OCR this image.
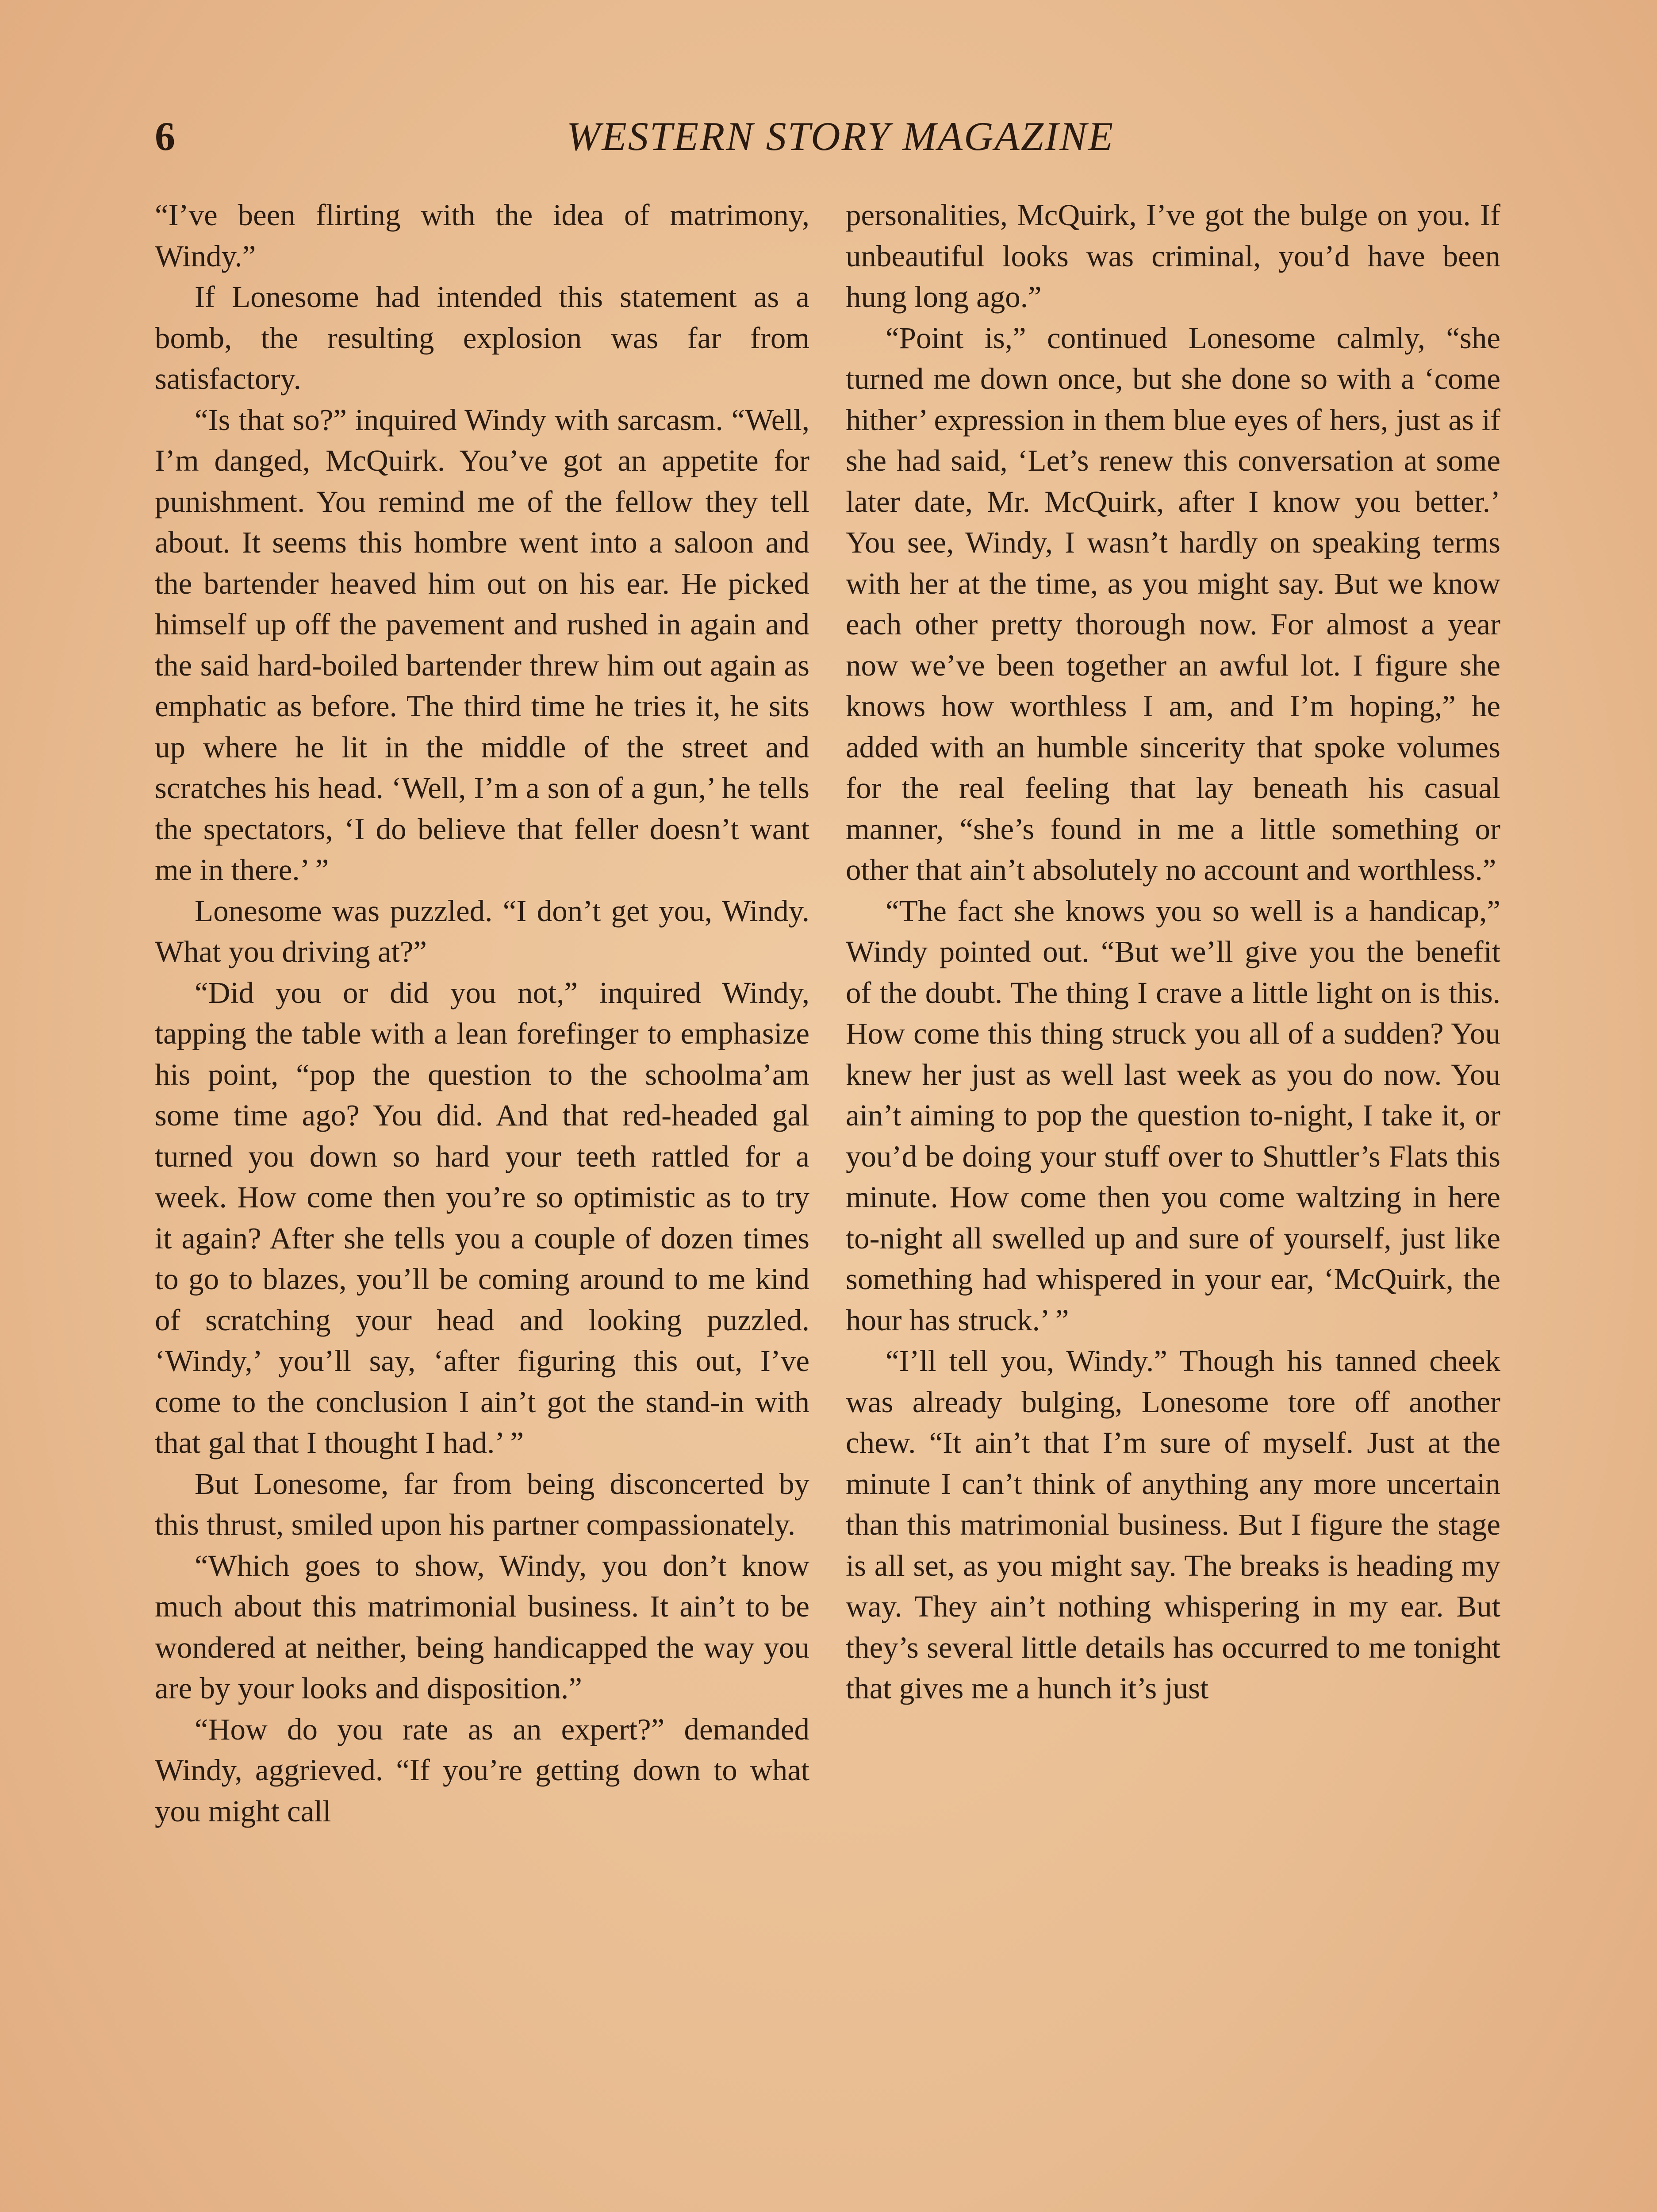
6	WESTERN STORY MAGAZINE

“I’ve been flirting with the idea of matrimony, Windy.”

If Lonesome had intended this statement as a bomb, the resulting explosion was far from satisfactory.

“Is that so?” inquired Windy with sarcasm. “Well, I’m danged, McQuirk. You’ve got an appetite for punishment. You remind me of the fellow they tell about. It seems this hombre went into a saloon and the bartender heaved him out on his ear. He picked himself up off the pavement and rushed in again and the said hard-boiled bartender threw him out again as emphatic as before. The third time he tries it, he sits up where he lit in the middle of the street and scratches his head. ‘Well, I’m a son of a gun,’ he tells the spectators, ‘I do believe that feller doesn’t want me in there.’ ”

Lonesome was puzzled. “I don’t get you, Windy. What you driving at?”

“Did you or did you not,” inquired Windy, tapping the table with a lean forefinger to emphasize his point, “pop the question to the schoolma’am some time ago? You did. And that red-headed gal turned you down so hard your teeth rattled for a week. How come then you’re so optimistic as to try it again? After she tells you a couple of dozen times to go to blazes, you’ll be coming around to me kind of scratching your head and looking puzzled. ‘Windy,’ you’ll say, ‘after figuring this out, I’ve come to the conclusion I ain’t got the stand-in with that gal that I thought I had.’ ”

But Lonesome, far from being disconcerted by this thrust, smiled upon his partner compassionately.

“Which goes to show, Windy, you don’t know much about this matrimonial business. It ain’t to be wondered at neither, being handicapped the way you are by your looks and disposition.”

“How do you rate as an expert?” demanded Windy, aggrieved. “If you’re getting down to what you might call

personalities, McQuirk, I’ve got the bulge on you. If unbeautiful looks was criminal, you’d have been hung long ago.”

“Point is,” continued Lonesome calmly, “she turned me down once, but she done so with a ‘come hither’ expression in them blue eyes of hers, just as if she had said, ‘Let’s renew this conversation at some later date, Mr. McQuirk, after I know you better.’ You see, Windy, I wasn’t hardly on speaking terms with her at the time, as you might say. But we know each other pretty thorough now. For almost a year now we’ve been together an awful lot. I figure she knows how worthless I am, and I’m hoping,” he added with an humble sincerity that spoke volumes for the real feeling that lay beneath his casual manner, “she’s found in me a little something or other that ain’t absolutely no account and worthless.”

“The fact she knows you so well is a handicap,” Windy pointed out. “But we’ll give you the benefit of the doubt. The thing I crave a little light on is this. How come this thing struck you all of a sudden? You knew her just as well last week as you do now. You ain’t aiming to pop the question to-night, I take it, or you’d be doing your stuff over to Shuttler’s Flats this minute. How come then you come waltzing in here to-night all swelled up and sure of yourself, just like something had whispered in your ear, ‘McQuirk, the hour has struck.’ ”

“I’ll tell you, Windy.” Though his tanned cheek was already bulging, Lonesome tore off another chew. “It ain’t that I’m sure of myself. Just at the minute I can’t think of anything any more uncertain than this matrimonial business. But I figure the stage is all set, as you might say. The breaks is heading my way. They ain’t nothing whispering in my ear. But they’s several little details has occurred to me tonight that gives me a hunch it’s just
